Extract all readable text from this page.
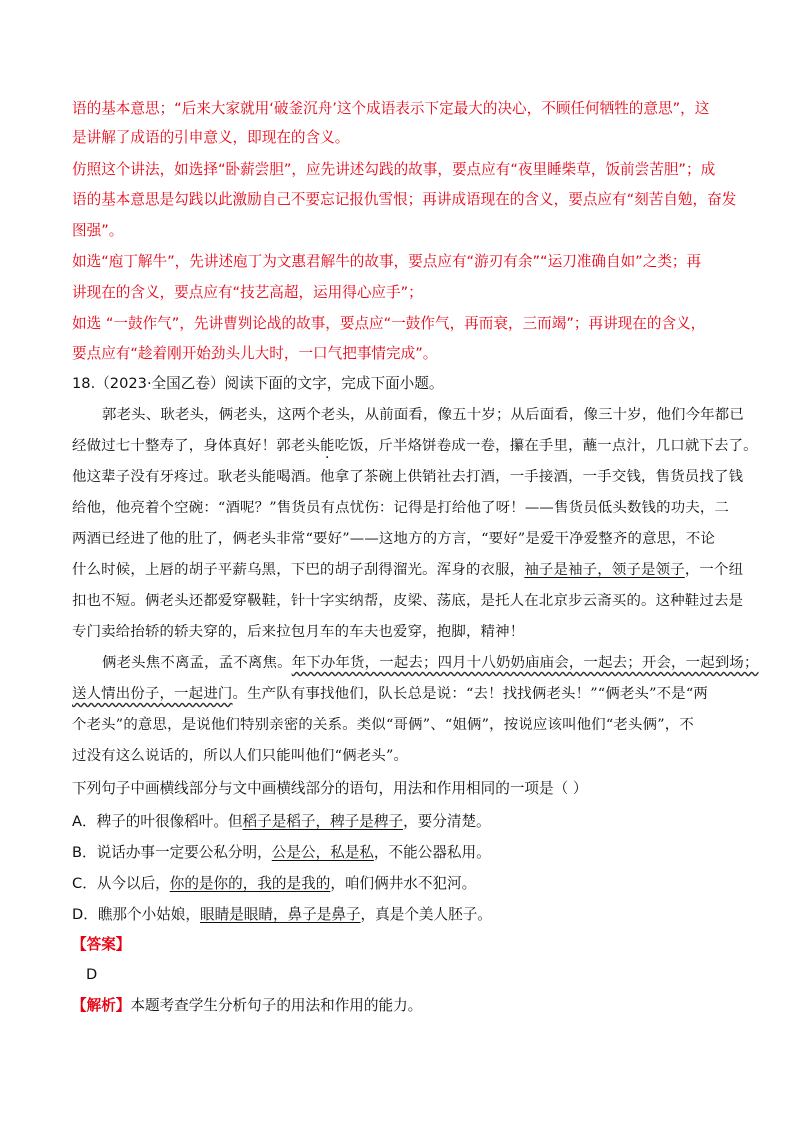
语的基本意思；“后来大家就用‘破釜沉舟’这个成语表示下定最大的决心，不顾任何牺牲的意思”，这
是讲解了成语的引申意义，即现在的含义。
仿照这个讲法，如选择“卧薪尝胆”，应先讲述勾践的故事，要点应有“夜里睡柴草，饭前尝苦胆”；成
语的基本意思是勾践以此激励自己不要忘记报仇雪恨；再讲成语现在的含义，要点应有“刻苦自勉，奋发
图强”。
如选“庖丁解牛”，先讲述庖丁为文惠君解牛的故事，要点应有“游刃有余”“运刀准确自如”之类；再
讲现在的含义，要点应有“技艺高超，运用得心应手”；
如选 “一鼓作气”，先讲曹刿论战的故事，要点应“一鼓作气，再而衰，三而竭”；再讲现在的含义，
要点应有“趁着刚开始劲头儿大时，一口气把事情完成”。
18.（2023·全国乙卷）阅读下面的文字，完成下面小题。
郭老头、耿老头，俩老头，这两个老头，从前面看，像五十岁；从后面看，像三十岁，他们今年都已
经做过七十整寿了，身体真好！郭老头能吃饭，斤半烙饼卷成一卷，攥在手里，蘸一点汁，几口就下去了。
他这辈子没有牙疼过。耿老头能喝酒。他拿了茶碗上供销社去打酒，一手接酒，一手交钱，售货员找了钱
给他，他亮着个空碗：“酒呢？”售货员有点忧伤：记得是打给他了呀！——售货员低头数钱的功夫，二
两酒已经进了他的肚了，俩老头非常“要好”——这地方的方言，“要好”是爱干净爱整齐的意思，不论
什么时候，上唇的胡子平薪乌黑，下巴的胡子刮得溜光。浑身的衣服，袖子是袖子，领子是领子，一个纽
扣也不短。俩老头还都爱穿靸鞋，针十字实纳帮，皮梁、荡底，是托人在北京步云斋买的。这种鞋过去是
专门卖给抬轿的轿夫穿的，后来拉包月车的车夫也爱穿，抱脚，精神！
俩老头焦不离孟，孟不离焦。年下办年货，一起去；四月十八奶奶庙庙会，一起去；开会，一起到场；
送人情出份子，一起进门。生产队有事找他们，队长总是说：“去！找找俩老头！”“俩老头”不是“两
个老头”的意思，是说他们特别亲密的关系。类似“哥俩”、“姐俩”，按说应该叫他们“老头俩”，不
过没有这么说话的，所以人们只能叫他们“俩老头”。
下列句子中画横线部分与文中画横线部分的语句，用法和作用相同的一项是（ ）
A．稗子的叶很像稻叶。但稻子是稻子，稗子是稗子，要分清楚。
B．说话办事一定要公私分明，公是公，私是私，不能公器私用。
C．从今以后，你的是你的，我的是我的，咱们俩井水不犯河。
D．瞧那个小姑娘，眼睛是眼睛，鼻子是鼻子，真是个美人胚子。
【答案】
D
【解析】本题考查学生分析句子的用法和作用的能力。
